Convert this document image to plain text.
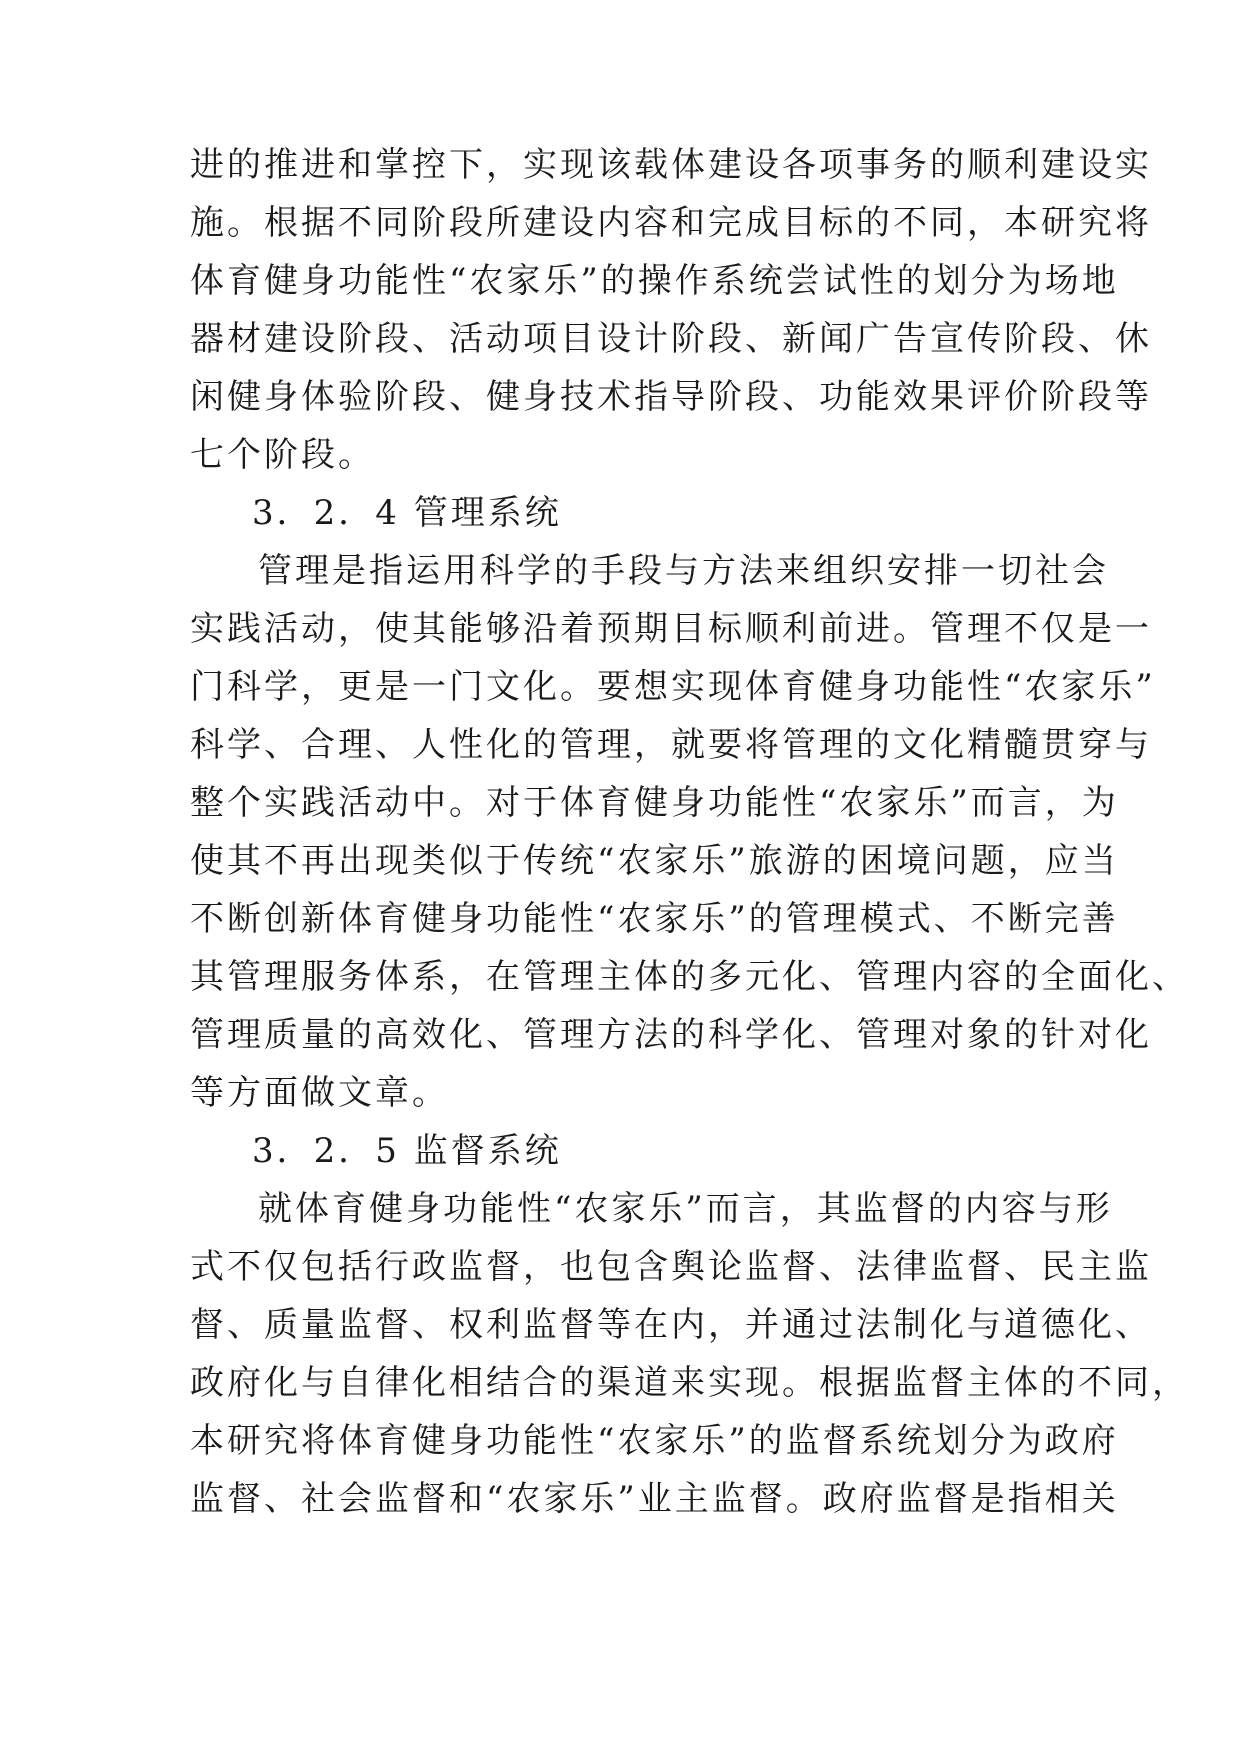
进的推进和掌控下，实现该载体建设各项事务的顺利建设实

施。根据不同阶段所建设内容和完成目标的不同，本研究将

体育健身功能性“农家乐”的操作系统尝试性的划分为场地

器材建设阶段、活动项目设计阶段、新闻广告宣传阶段、休

闲健身体验阶段、健身技术指导阶段、功能效果评价阶段等

七个阶段。

3．2．4 管理系统

管理是指运用科学的手段与方法来组织安排一切社会

实践活动，使其能够沿着预期目标顺利前进。管理不仅是一

门科学，更是一门文化。要想实现体育健身功能性“农家乐”

科学、合理、人性化的管理，就要将管理的文化精髓贯穿与

整个实践活动中。对于体育健身功能性“农家乐”而言，为

使其不再出现类似于传统“农家乐”旅游的困境问题，应当

不断创新体育健身功能性“农家乐”的管理模式、不断完善

其管理服务体系，在管理主体的多元化、管理内容的全面化、

管理质量的高效化、管理方法的科学化、管理对象的针对化

等方面做文章。

3．2．5 监督系统

就体育健身功能性“农家乐”而言，其监督的内容与形

式不仅包括行政监督，也包含舆论监督、法律监督、民主监

督、质量监督、权利监督等在内，并通过法制化与道德化、

政府化与自律化相结合的渠道来实现。根据监督主体的不同，

本研究将体育健身功能性“农家乐”的监督系统划分为政府

监督、社会监督和“农家乐”业主监督。政府监督是指相关
